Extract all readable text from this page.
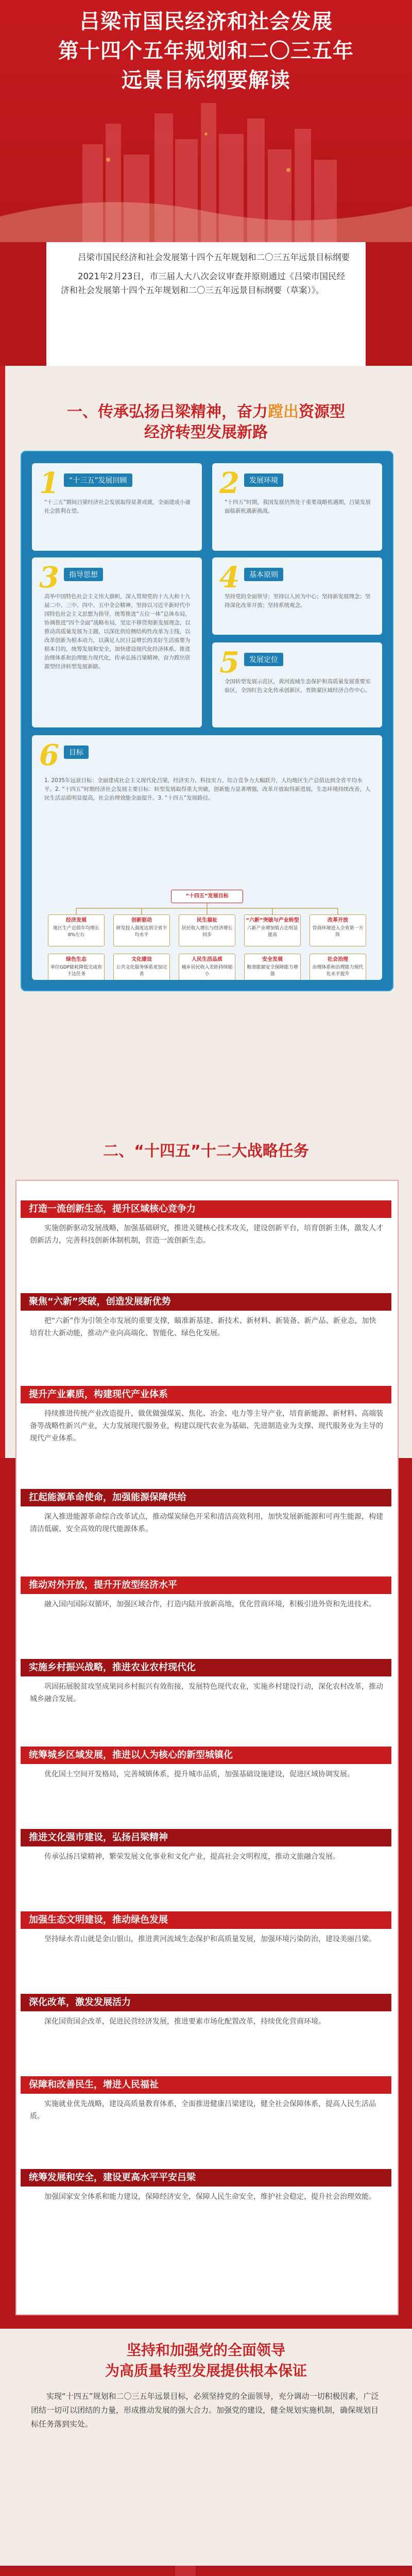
吕梁市国民经济和社会发展
第十四个五年规划和二〇三五年
远景目标纲要解读

吕梁市国民经济和社会发展第十四个五年规划和二〇三五年远景目标纲要

2021年2月23日，市三届人大八次会议审查并原则通过《吕梁市国民经济和社会发展第十四个五年规划和二〇三五年远景目标纲要（草案）》。

一、传承弘扬吕梁精神，奋力蹚出资源型
经济转型发展新路
1	“十三五”发展回顾
“十三五”期间吕梁经济社会发展取得显著成就，全面建成小康社会胜利在望。
2	发展环境
“十四五”时期，我国发展仍然处于重要战略机遇期，吕梁发展面临新机遇新挑战。
3	指导思想
高举中国特色社会主义伟大旗帜，深入贯彻党的十九大和十九届二中、三中、四中、五中全会精神，坚持以习近平新时代中国特色社会主义思想为指导，统筹推进“五位一体”总体布局，协调推进“四个全面”战略布局，坚定不移贯彻新发展理念，以推动高质量发展为主题，以深化供给侧结构性改革为主线，以改革创新为根本动力，以满足人民日益增长的美好生活需要为根本目的，统筹发展和安全，加快建设现代化经济体系，推进治理体系和治理能力现代化，传承弘扬吕梁精神，奋力蹚出资源型经济转型发展新路。
4	基本原则
坚持党的全面领导；坚持以人民为中心；坚持新发展理念；坚持深化改革开放；坚持系统观念。
5	发展定位
全国转型发展示范区，黄河流域生态保护和高质量发展重要实验区，全国红色文化传承创新区，晋陕蒙区域经济合作中心。
6	目标
1. 2035年远景目标：全面建成社会主义现代化吕梁，经济实力、科技实力、综合竞争力大幅跃升，人均地区生产总值达到全省平均水平。2. “十四五”时期经济社会发展主要目标：转型发展取得重大突破，创新能力显著增强，改革开放取得新进展，生态环境持续改善，人民生活品质明显提高，社会治理效能全面提升。3. “十四五”发展路径。
“十四五”发展目标
经济发展
地区生产总值年均增长8%左右
创新驱动
研发投入强度达到全省平均水平
民生福祉
居民收入增长与经济增长同步
“六新”突破与产业转型
六新产业增加值占比明显提高
改革开放
营商环境进入全省第一方阵
绿色生态
单位GDP能耗降低完成省下达任务
文化建设
公共文化服务体系更加完善
人民生活品质
城乡居民收入差距持续缩小
安全发展
粮食能源安全保障能力增强
社会治理
治理体系和治理能力现代化水平提升
二、“十四五”十二大战略任务
打造一流创新生态，提升区域核心竞争力
实施创新驱动发展战略，加强基础研究，推进关键核心技术攻关，建设创新平台，培育创新主体，激发人才创新活力，完善科技创新体制机制，营造一流创新生态。
聚焦“六新”突破，创造发展新优势
把“六新”作为引领全市发展的重要支撑，瞄准新基建、新技术、新材料、新装备、新产品、新业态，加快培育壮大新动能，推动产业向高端化、智能化、绿色化发展。
提升产业素质，构建现代产业体系
持续推进传统产业改造提升，做优做强煤炭、焦化、冶金、电力等主导产业，培育新能源、新材料、高端装备等战略性新兴产业，大力发展现代服务业，构建以现代农业为基础、先进制造业为支撑、现代服务业为主导的现代产业体系。
扛起能源革命使命，加强能源保障供给
深入推进能源革命综合改革试点，推动煤炭绿色开采和清洁高效利用，加快发展新能源和可再生能源，构建清洁低碳、安全高效的现代能源体系。
推动对外开放，提升开放型经济水平
融入国内国际双循环，加强区域合作，打造内陆开放新高地，优化营商环境，积极引进外资和先进技术。
实施乡村振兴战略，推进农业农村现代化
巩固拓展脱贫攻坚成果同乡村振兴有效衔接，发展特色现代农业，实施乡村建设行动，深化农村改革，推动城乡融合发展。
统筹城乡区域发展，推进以人为核心的新型城镇化
优化国土空间开发格局，完善城镇体系，提升城市品质，加强基础设施建设，促进区域协调发展。
推进文化强市建设，弘扬吕梁精神
传承弘扬吕梁精神，繁荣发展文化事业和文化产业，提高社会文明程度，推动文旅融合发展。
加强生态文明建设，推动绿色发展
坚持绿水青山就是金山银山，推进黄河流域生态保护和高质量发展，加强环境污染防治，建设美丽吕梁。
深化改革，激发发展活力
深化国资国企改革，促进民营经济发展，推进要素市场化配置改革，持续优化营商环境。
保障和改善民生，增进人民福祉
实施就业优先战略，建设高质量教育体系，全面推进健康吕梁建设，健全社会保障体系，提高人民生活品质。
统筹发展和安全，建设更高水平平安吕梁
加强国家安全体系和能力建设，保障经济安全，保障人民生命安全，维护社会稳定，提升社会治理效能。
坚持和加强党的全面领导
为高质量转型发展提供根本保证
实现“十四五”规划和二〇三五年远景目标，必须坚持党的全面领导，充分调动一切积极因素，广泛团结一切可以团结的力量，形成推动发展的强大合力。加强党的建设，健全规划实施机制，确保规划目标任务落到实处。
